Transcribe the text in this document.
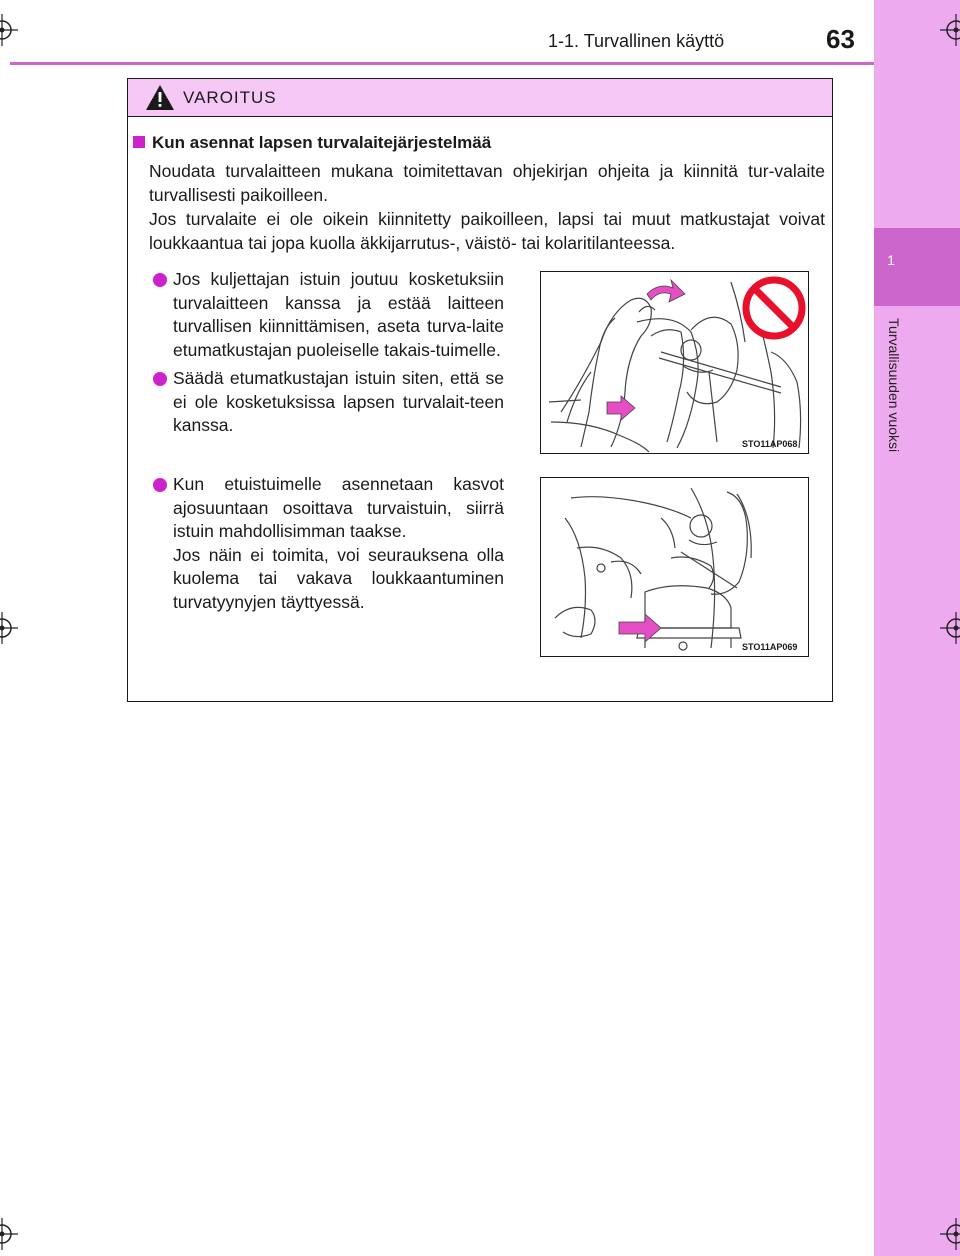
1
Turvallisuuden vuoksi
1-1. Turvallinen käyttö	63
VAROITUS
Kun asennat lapsen turvalaitejärjestelmää
Noudata turvalaitteen mukana toimitettavan ohjekirjan ohjeita ja kiinnitä tur-valaite turvallisesti paikoilleen.
Jos turvalaite ei ole oikein kiinnitetty paikoilleen, lapsi tai muut matkustajat voivat loukkaantua tai jopa kuolla äkkijarrutus-, väistö- tai kolaritilanteessa.
Jos kuljettajan istuin joutuu kosketuksiin turvalaitteen kanssa ja estää laitteen turvallisen kiinnittämisen, aseta turva-laite etumatkustajan puoleiselle takais-tuimelle.
Säädä etumatkustajan istuin siten, että se ei ole kosketuksissa lapsen turvalait-teen kanssa.
Kun etuistuimelle asennetaan kasvot ajosuuntaan osoittava turvaistuin, siirrä istuin mahdollisimman taakse.
Jos näin ei toimita, voi seurauksena olla kuolema tai vakava loukkaantuminen turvatyynyjen täyttyessä.
STO11AP068
STO11AP069
